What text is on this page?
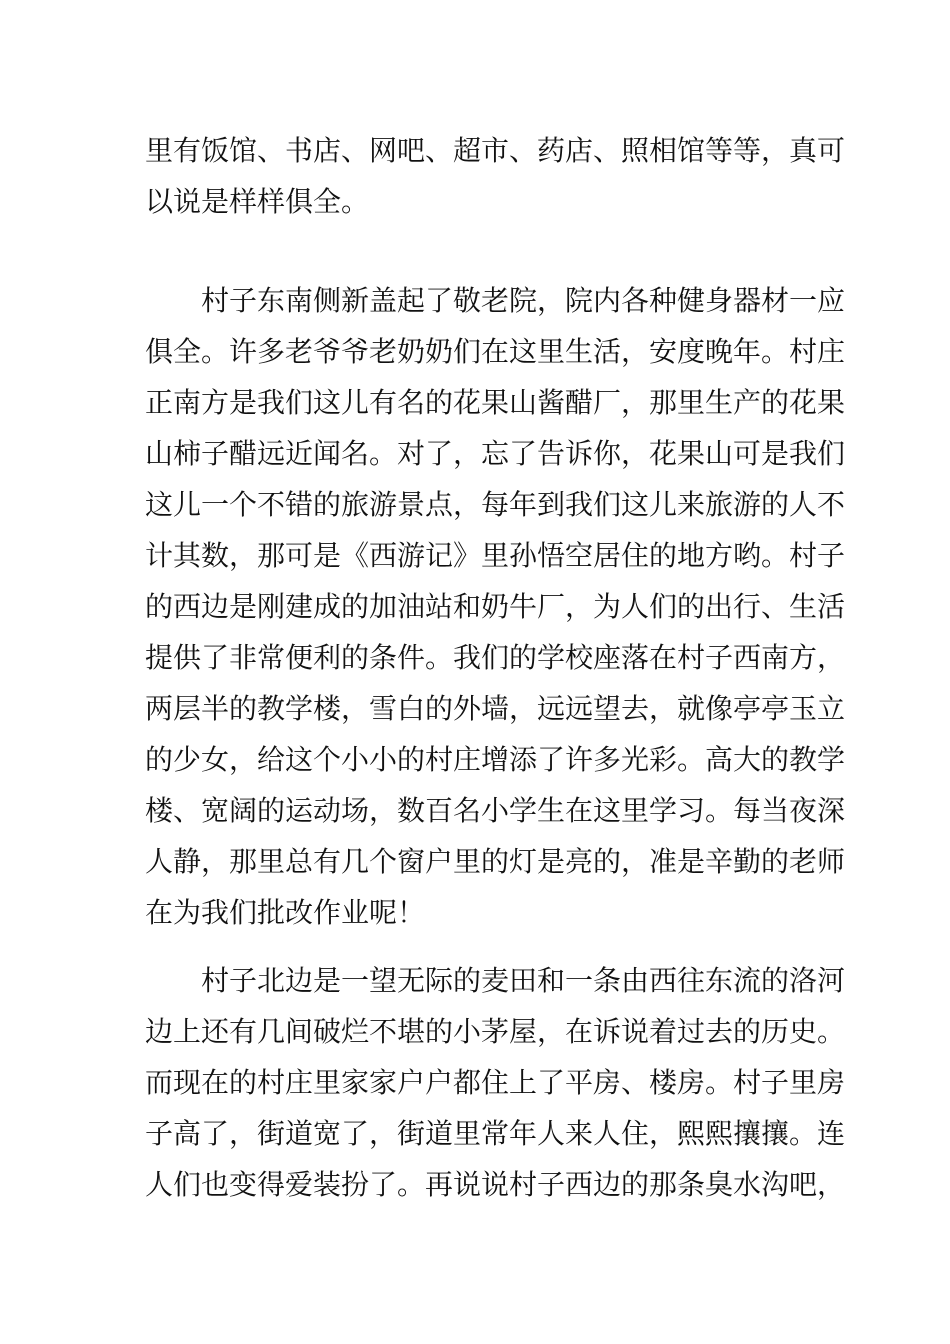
里有饭馆、书店、网吧、超市、药店、照相馆等等，真可
以说是样样俱全。
村子东南侧新盖起了敬老院，院内各种健身器材一应
俱全。许多老爷爷老奶奶们在这里生活，安度晚年。村庄
正南方是我们这儿有名的花果山酱醋厂，那里生产的花果
山柿子醋远近闻名。对了，忘了告诉你，花果山可是我们
这儿一个不错的旅游景点，每年到我们这儿来旅游的人不
计其数，那可是《西游记》里孙悟空居住的地方哟。村子
的西边是刚建成的加油站和奶牛厂，为人们的出行、生活
提供了非常便利的条件。我们的学校座落在村子西南方，
两层半的教学楼，雪白的外墙，远远望去，就像亭亭玉立
的少女，给这个小小的村庄增添了许多光彩。高大的教学
楼、宽阔的运动场，数百名小学生在这里学习。每当夜深
人静，那里总有几个窗户里的灯是亮的，准是辛勤的老师
在为我们批改作业呢！
村子北边是一望无际的麦田和一条由西往东流的洛河
边上还有几间破烂不堪的小茅屋，在诉说着过去的历史。
而现在的村庄里家家户户都住上了平房、楼房。村子里房
子高了，街道宽了，街道里常年人来人住，熙熙攘攘。连
人们也变得爱装扮了。再说说村子西边的那条臭水沟吧，
